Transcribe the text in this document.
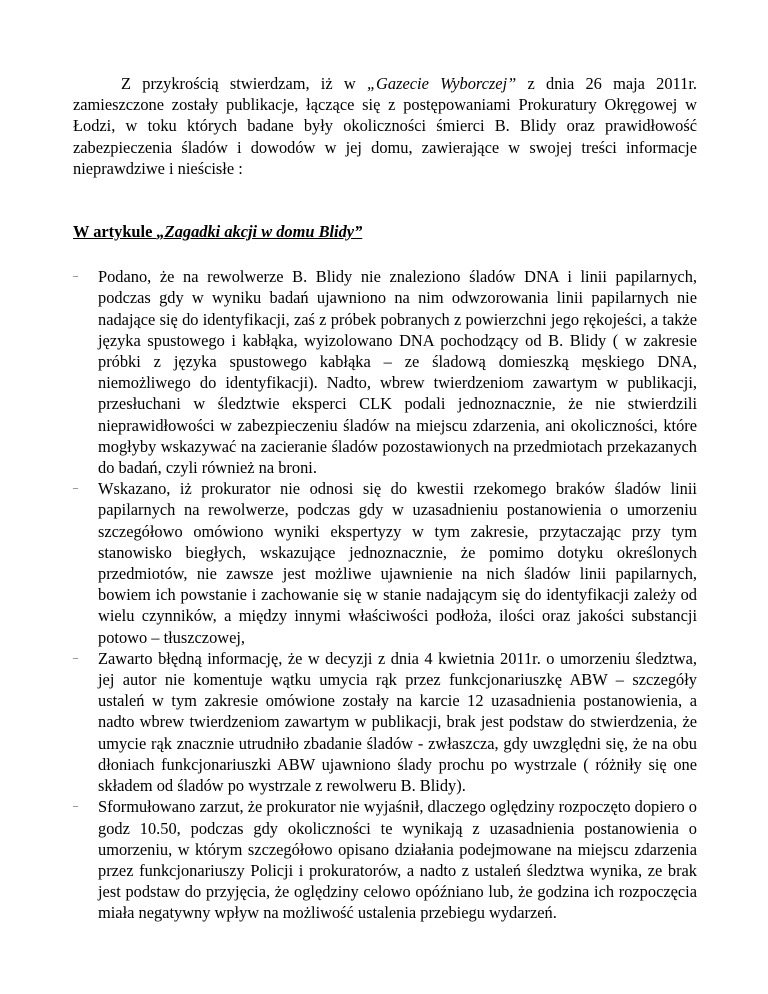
Z przykrością stwierdzam, iż w „Gazecie Wyborczej” z dnia 26 maja 2011r. zamieszczone zostały publikacje, łączące się z postępowaniami Prokuratury Okręgowej w Łodzi, w toku których badane były okoliczności śmierci B. Blidy oraz prawidłowość zabezpieczenia śladów i dowodów w jej domu, zawierające w swojej treści informacje nieprawdziwe i nieścisłe :

W artykule „Zagadki akcji w domu Blidy”

–
Podano, że na rewolwerze B. Blidy nie znaleziono śladów DNA i linii papilarnych, podczas gdy w wyniku badań ujawniono na nim odwzorowania linii papilarnych nie nadające się do identyfikacji, zaś z próbek pobranych z powierzchni jego rękojeści, a także języka spustowego i kabłąka, wyizolowano DNA pochodzący od B. Blidy ( w zakresie próbki z języka spustowego kabłąka – ze śladową domieszką męskiego DNA, niemożliwego do identyfikacji). Nadto, wbrew twierdzeniom zawartym w publikacji, przesłuchani w śledztwie eksperci CLK podali jednoznacznie, że nie stwierdzili nieprawidłowości w zabezpieczeniu śladów na miejscu zdarzenia, ani okoliczności, które mogłyby wskazywać na zacieranie śladów pozostawionych na przedmiotach przekazanych do badań, czyli również na broni.
–
Wskazano, iż prokurator nie odnosi się do kwestii rzekomego braków śladów linii papilarnych na rewolwerze, podczas gdy w uzasadnieniu postanowienia o umorzeniu szczegółowo omówiono wyniki ekspertyzy w tym zakresie, przytaczając przy tym stanowisko biegłych, wskazujące jednoznacznie, że pomimo dotyku określonych przedmiotów, nie zawsze jest możliwe ujawnienie na nich śladów linii papilarnych, bowiem ich powstanie i zachowanie się w stanie nadającym się do identyfikacji zależy od wielu czynników, a między innymi właściwości podłoża, ilości oraz jakości substancji potowo – tłuszczowej,
–
Zawarto błędną informację, że w decyzji z dnia 4 kwietnia 2011r. o umorzeniu śledztwa, jej autor nie komentuje wątku umycia rąk przez funkcjonariuszkę ABW – szczegóły ustaleń w tym zakresie omówione zostały na karcie 12 uzasadnienia postanowienia, a nadto wbrew twierdzeniom zawartym w publikacji, brak jest podstaw do stwierdzenia, że umycie rąk znacznie utrudniło zbadanie śladów - zwłaszcza, gdy uwzględni się, że na obu dłoniach funkcjonariuszki ABW ujawniono ślady prochu po wystrzale ( różniły się one składem od śladów po wystrzale z rewolweru B. Blidy).
–
Sformułowano zarzut, że prokurator nie wyjaśnił, dlaczego oględziny rozpoczęto dopiero o godz 10.50, podczas gdy okoliczności te wynikają z uzasadnienia postanowienia o umorzeniu, w którym szczegółowo opisano działania podejmowane na miejscu zdarzenia przez funkcjonariuszy Policji i prokuratorów, a nadto z ustaleń śledztwa wynika, ze brak jest podstaw do przyjęcia, że oględziny celowo opóźniano lub, że godzina ich rozpoczęcia miała negatywny wpływ na możliwość ustalenia przebiegu wydarzeń.
